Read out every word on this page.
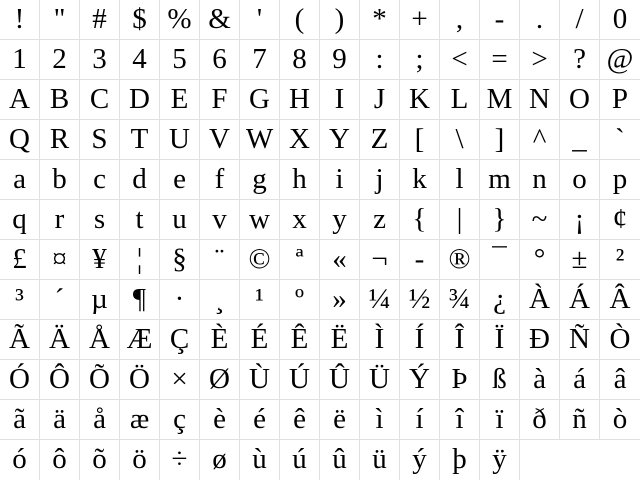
!	" # $ % & '	(	) * + ,	-	.	/	0
1 2 3 4 5 6 7 8 9 :	; < = > ? @
A B C D E F G H I	J K L M N O P
Q R S T U V W X Y Z [	\	] ^ _ `
a b c d e f g h i	j k l m n o p
q r	s	t u v w x y z {	|	} ~ ¡ ¢
£ ¤ ¥	¦	§ ¨ © ª « ¬ - ® ¯ ° ± ²
³	´ µ ¶ ·	¸	¹	º » ¼ ½ ¾ ¿ À Á Â
Ã Ä Å Æ Ç È É Ê Ë Ì	Í	Î	Ï Ð Ñ Ò
Ó Ô Õ Ö × Ø Ù Ú Û Ü Ý Þ ß à á â
ã ä å æ ç è é ê ë	ì	í	î	ï ð ñ ò
ó ô õ ö ÷ ø ù ú û ü ý þ ÿ
